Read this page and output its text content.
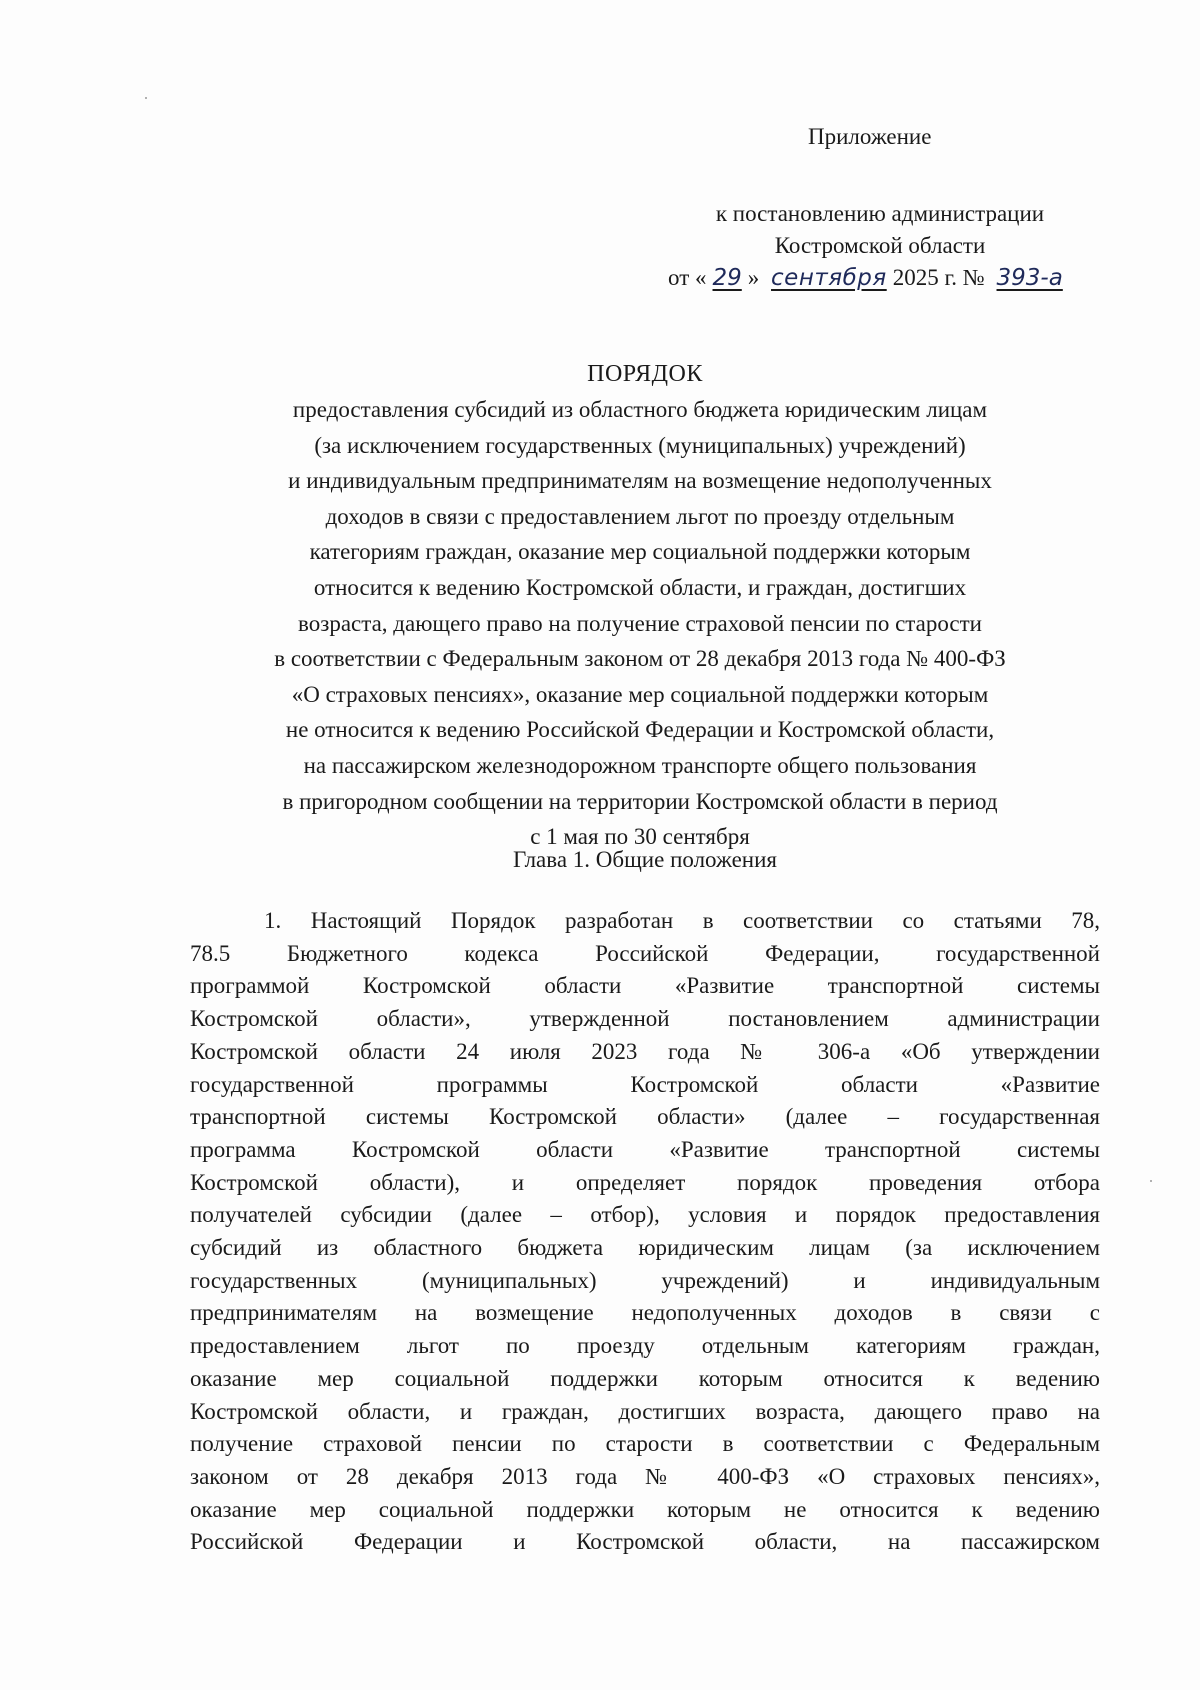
Приложение
к постановлению администрации
Костромской области
от « 29 » сентября 2025 г. № 393-а
ПОРЯДОК
предоставления субсидий из областного бюджета юридическим лицам
(за исключением государственных (муниципальных) учреждений)
и индивидуальным предпринимателям на возмещение недополученных
доходов в связи с предоставлением льгот по проезду отдельным
категориям граждан, оказание мер социальной поддержки которым
относится к ведению Костромской области, и граждан, достигших
возраста, дающего право на получение страховой пенсии по старости
в соответствии с Федеральным законом от 28 декабря 2013 года № 400-ФЗ
«О страховых пенсиях», оказание мер социальной поддержки которым
не относится к ведению Российской Федерации и Костромской области,
на пассажирском железнодорожном транспорте общего пользования
в пригородном сообщении на территории Костромской области в период
с 1 мая по 30 сентября
Глава 1. Общие положения
1. Настоящий Порядок разработан в соответствии со статьями 78,
78.5 Бюджетного кодекса Российской Федерации, государственной
программой Костромской области «Развитие транспортной системы
Костромской области», утвержденной постановлением администрации
Костромской области 24 июля 2023 года № 306-а «Об утверждении
государственной программы Костромской области «Развитие
транспортной системы Костромской области» (далее – государственная
программа Костромской области «Развитие транспортной системы
Костромской области), и определяет порядок проведения отбора
получателей субсидии (далее – отбор), условия и порядок предоставления
субсидий из областного бюджета юридическим лицам (за исключением
государственных (муниципальных) учреждений) и индивидуальным
предпринимателям на возмещение недополученных доходов в связи с
предоставлением льгот по проезду отдельным категориям граждан,
оказание мер социальной поддержки которым относится к ведению
Костромской области, и граждан, достигших возраста, дающего право на
получение страховой пенсии по старости в соответствии с Федеральным
законом от 28 декабря 2013 года № 400-ФЗ «О страховых пенсиях»,
оказание мер социальной поддержки которым не относится к ведению
Российской Федерации и Костромской области, на пассажирском
